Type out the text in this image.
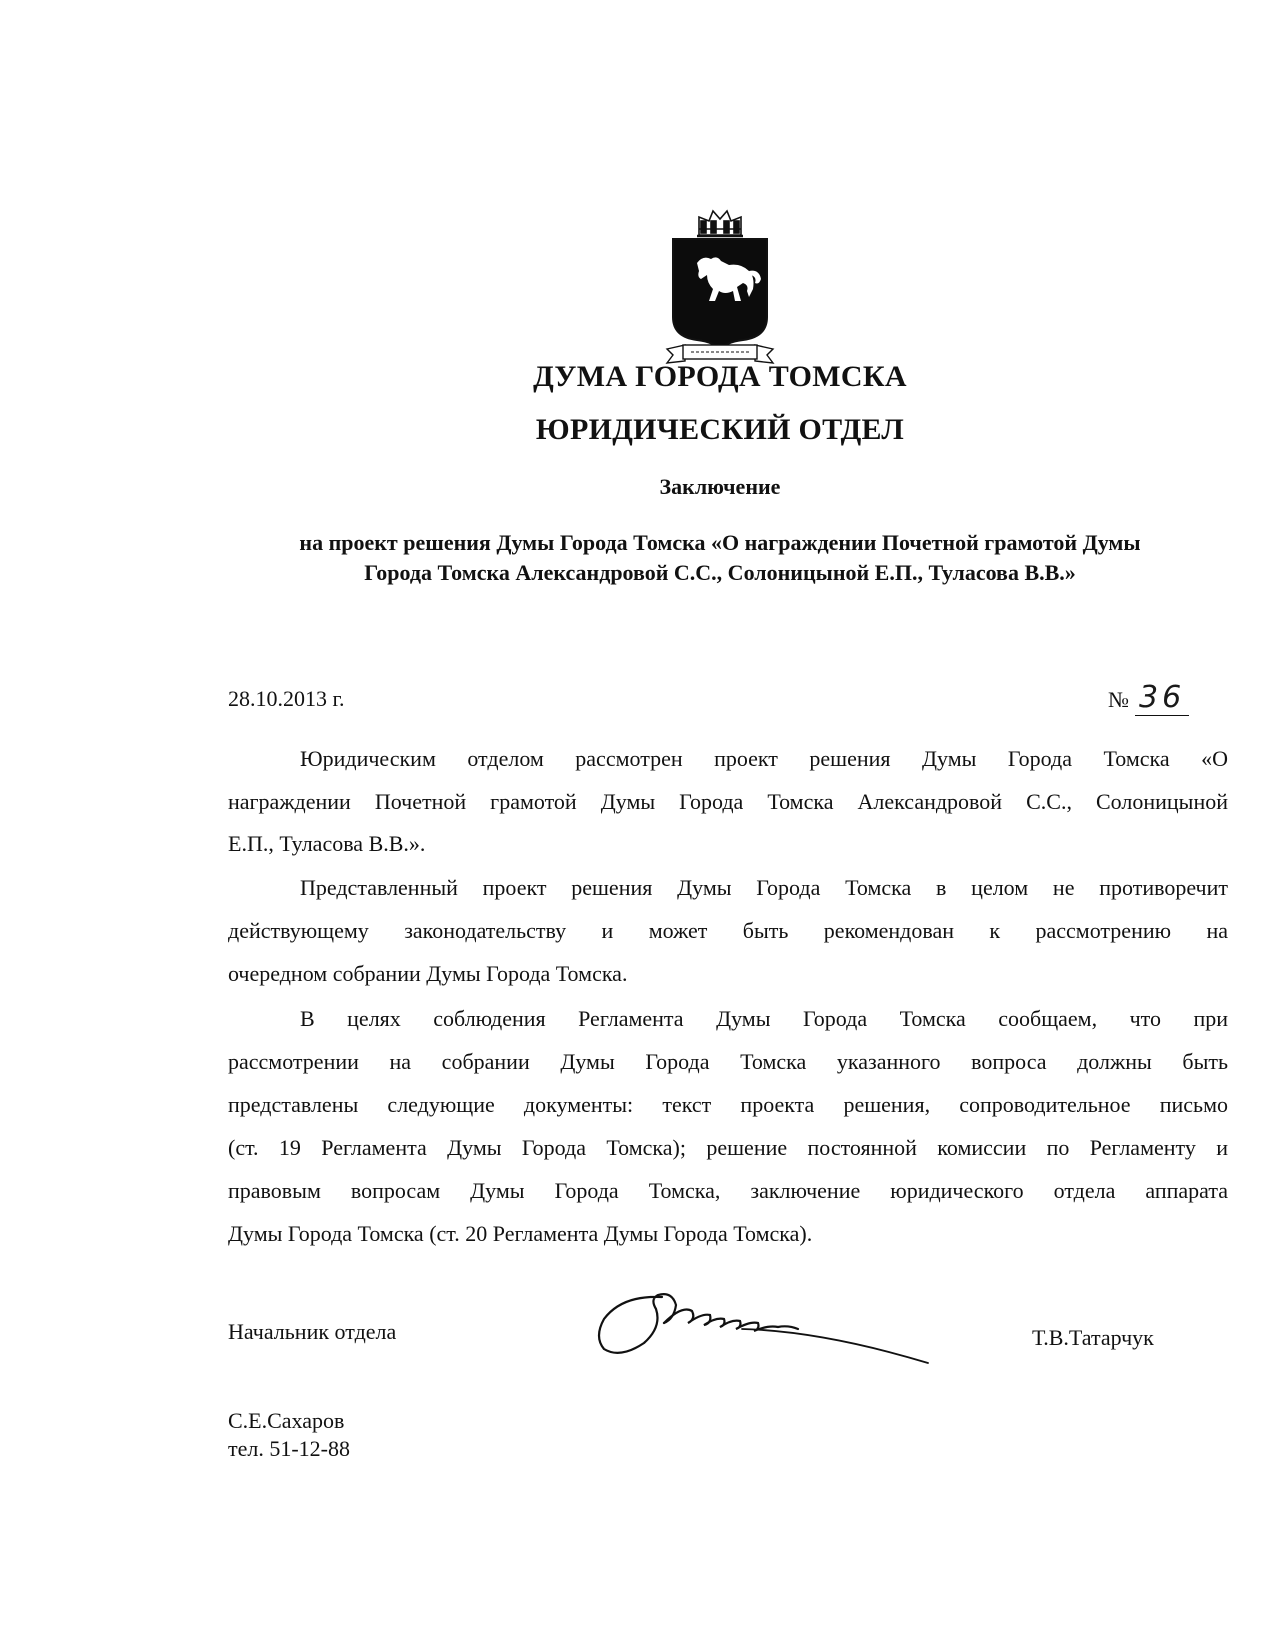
ДУМА ГОРОДА ТОМСКА
ЮРИДИЧЕСКИЙ ОТДЕЛ
Заключение
на проект решения Думы Города Томска «О награждении Почетной грамотой Думы
Города Томска Александровой С.С., Солоницыной Е.П., Туласова В.В.»
28.10.2013 г.	№ 36
Юридическим отделом рассмотрен проект решения Думы Города Томска «О
награждении Почетной грамотой Думы Города Томска Александровой С.С., Солоницыной
Е.П., Туласова В.В.».
Представленный проект решения Думы Города Томска в целом не противоречит
действующему законодательству и может быть рекомендован к рассмотрению на
очередном собрании Думы Города Томска.
В целях соблюдения Регламента Думы Города Томска сообщаем, что при
рассмотрении на собрании Думы Города Томска указанного вопроса должны быть
представлены следующие документы: текст проекта решения, сопроводительное письмо
(ст. 19 Регламента Думы Города Томска); решение постоянной комиссии по Регламенту и
правовым вопросам Думы Города Томска, заключение юридического отдела аппарата
Думы Города Томска (ст. 20 Регламента Думы Города Томска).
Начальник отдела	Т.В.Татарчук
С.Е.Сахаров
тел. 51-12-88
